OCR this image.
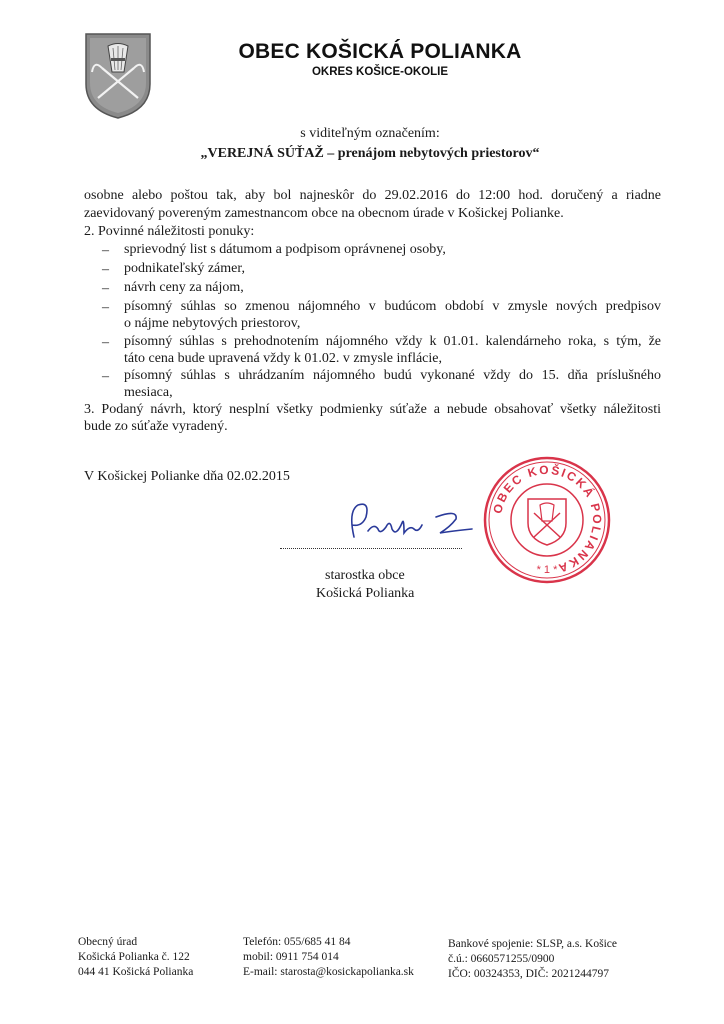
OBEC KOŠICKÁ POLIANKA
OKRES KOŠICE-OKOLIE
s viditeľným označením:
„VEREJNÁ SÚŤAŽ – prenájom nebytových priestorov“
osobne alebo poštou tak, aby bol najneskôr do 29.02.2016 do 12:00 hod. doručený a riadne
zaevidovaný povereným zamestnancom obce na obecnom úrade v Košickej Polianke.
2. Povinné náležitosti ponuky:
–	sprievodný list s dátumom a podpisom oprávnenej osoby,
–	podnikateľský zámer,
–	návrh ceny za nájom,
–	písomný súhlas so zmenou nájomného v budúcom období v zmysle nových predpisov
o nájme nebytových priestorov,
–	písomný súhlas s prehodnotením nájomného vždy k 01.01. kalendárneho roka, s tým, že
táto cena bude upravená vždy k 01.02. v zmysle inflácie,
–	písomný súhlas s uhrádzaním nájomného budú vykonané vždy do 15. dňa príslušného
mesiaca,
3. Podaný návrh, ktorý nesplní všetky podmienky súťaže a nebude obsahovať všetky náležitosti
bude zo súťaže vyradený.
V Košickej Polianke dňa 02.02.2015
OBEC KOŠICKÁ POLIANKA
* 1 *
starostka obce
Košická Polianka
Obecný úrad
Košická Polianka č. 122
044 41 Košická Polianka
Telefón: 055/685 41 84
mobil: 0911 754 014
E-mail: starosta@kosickapolianka.sk
Bankové spojenie: SLSP, a.s. Košice
č.ú.: 0660571255/0900
IČO: 00324353, DIČ: 2021244797
